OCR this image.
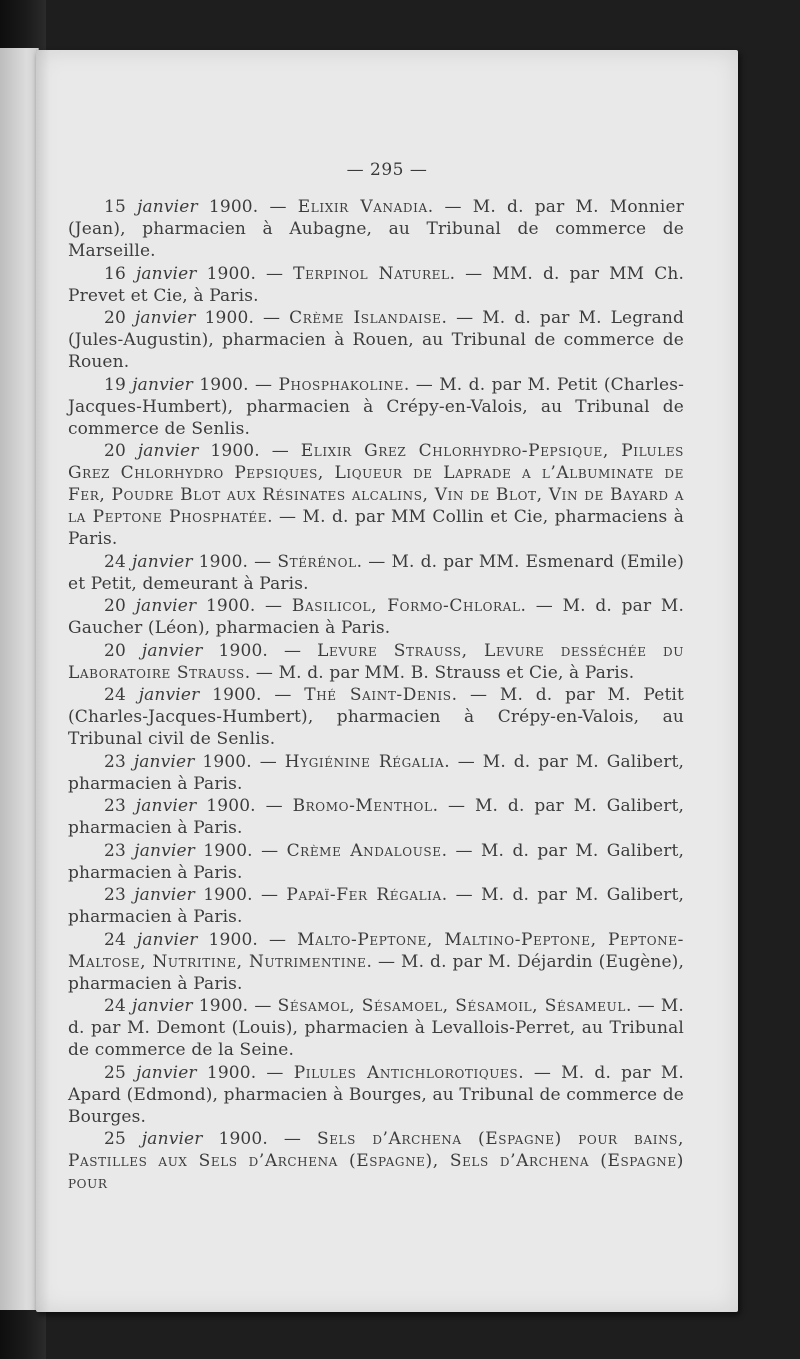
— 295 —

15 janvier 1900. — Elixir Vanadia. — M. d. par M. Monnier (Jean), pharmacien à Aubagne, au Tribunal de commerce de Marseille.

16 janvier 1900. — Terpinol Naturel. — MM. d. par MM Ch. Prevet et Cie, à Paris.

20 janvier 1900. — Crème Islandaise. — M. d. par M. Legrand (Jules-Augustin), pharmacien à Rouen, au Tribunal de commerce de Rouen.

19 janvier 1900. — Phosphakoline. — M. d. par M. Petit (Charles-Jacques-Humbert), pharmacien à Crépy-en-Valois, au Tribunal de commerce de Senlis.

20 janvier 1900. — Elixir Grez Chlorhydro-Pepsique, Pilules Grez Chlorhydro Pepsiques, Liqueur de Laprade a l’Albuminate de Fer, Poudre Blot aux Résinates alcalins, Vin de Blot, Vin de Bayard a la Peptone Phosphatée. — M. d. par MM Collin et Cie, pharmaciens à Paris.

24 janvier 1900. — Stérénol. — M. d. par MM. Esmenard (Emile) et Petit, demeurant à Paris.

20 janvier 1900. — Basilicol, Formo-Chloral. — M. d. par M. Gaucher (Léon), pharmacien à Paris.

20 janvier 1900. — Levure Strauss, Levure desséchée du Laboratoire Strauss. — M. d. par MM. B. Strauss et Cie, à Paris.

24 janvier 1900. — Thé Saint-Denis. — M. d. par M. Petit (Charles-Jacques-Humbert), pharmacien à Crépy-en-Valois, au Tribunal civil de Senlis.

23 janvier 1900. — Hygiénine Régalia. — M. d. par M. Galibert, pharmacien à Paris.

23 janvier 1900. — Bromo-Menthol. — M. d. par M. Galibert, pharmacien à Paris.

23 janvier 1900. — Crème Andalouse. — M. d. par M. Galibert, pharmacien à Paris.

23 janvier 1900. — Papaï-Fer Régalia. — M. d. par M. Galibert, pharmacien à Paris.

24 janvier 1900. — Malto-Peptone, Maltino-Peptone, Peptone-Maltose, Nutritine, Nutrimentine. — M. d. par M. Déjardin (Eugène), pharmacien à Paris.

24 janvier 1900. — Sésamol, Sésamoel, Sésamoil, Sésameul. — M. d. par M. Demont (Louis), pharmacien à Levallois-Perret, au Tribunal de commerce de la Seine.

25 janvier 1900. — Pilules Antichlorotiques. — M. d. par M. Apard (Edmond), pharmacien à Bourges, au Tribunal de commerce de Bourges.

25 janvier 1900. — Sels d’Archena (Espagne) pour bains, Pastilles aux Sels d’Archena (Espagne), Sels d’Archena (Espagne) pour
